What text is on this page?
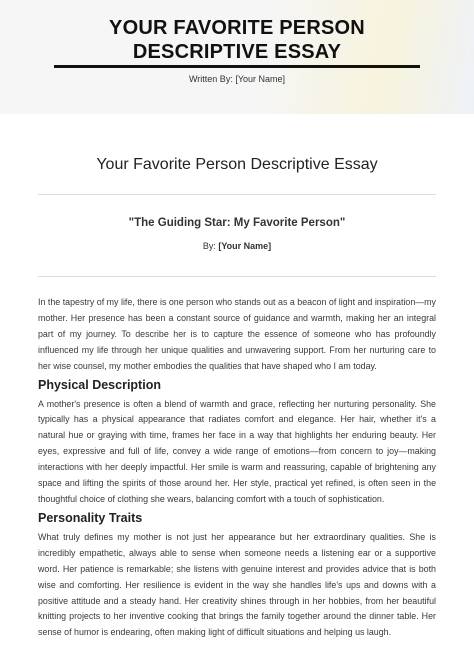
YOUR FAVORITE PERSON
DESCRIPTIVE ESSAY
Written By: [Your Name]
Your Favorite Person Descriptive Essay
"The Guiding Star: My Favorite Person"
By: [Your Name]

In the tapestry of my life, there is one person who stands out as a beacon of light and inspiration—my mother. Her presence has been a constant source of guidance and warmth, making her an integral part of my journey. To describe her is to capture the essence of someone who has profoundly influenced my life through her unique qualities and unwavering support. From her nurturing care to her wise counsel, my mother embodies the qualities that have shaped who I am today.

Physical Description

A mother's presence is often a blend of warmth and grace, reflecting her nurturing personality. She typically has a physical appearance that radiates comfort and elegance. Her hair, whether it's a natural hue or graying with time, frames her face in a way that highlights her enduring beauty. Her eyes, expressive and full of life, convey a wide range of emotions—from concern to joy—making interactions with her deeply impactful. Her smile is warm and reassuring, capable of brightening any space and lifting the spirits of those around her. Her style, practical yet refined, is often seen in the thoughtful choice of clothing she wears, balancing comfort with a touch of sophistication.

Personality Traits

What truly defines my mother is not just her appearance but her extraordinary qualities. She is incredibly empathetic, always able to sense when someone needs a listening ear or a supportive word. Her patience is remarkable; she listens with genuine interest and provides advice that is both wise and comforting. Her resilience is evident in the way she handles life's ups and downs with a positive attitude and a steady hand. Her creativity shines through in her hobbies, from her beautiful knitting projects to her inventive cooking that brings the family together around the dinner table. Her sense of humor is endearing, often making light of difficult situations and helping us laugh.
